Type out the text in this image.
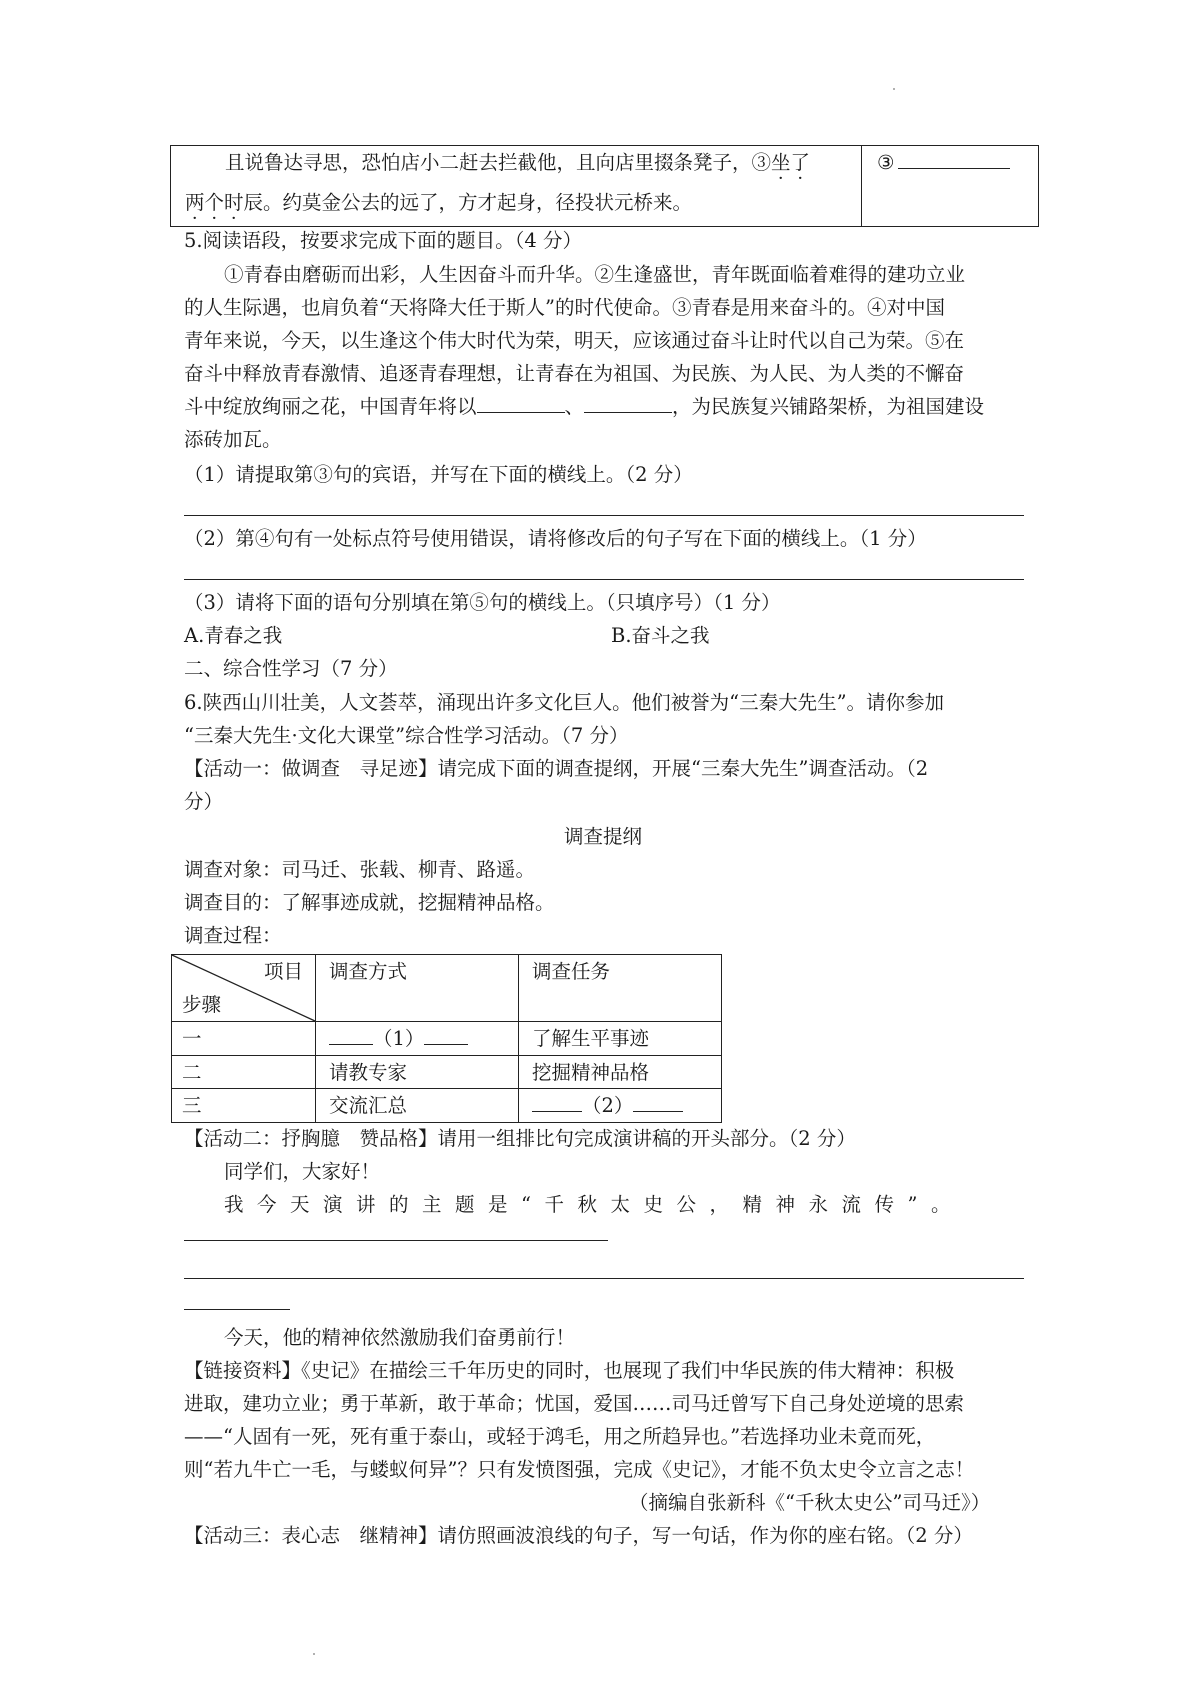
且说鲁达寻思，恐怕店小二赶去拦截他，且向店里掇条凳子，③坐了
两个时辰。约莫金公去的远了，方才起身，径投状元桥来。
③
5.阅读语段，按要求完成下面的题目。（4 分）
①青春由磨砺而出彩，人生因奋斗而升华。②生逢盛世，青年既面临着难得的建功立业
的人生际遇，也肩负着“天将降大任于斯人”的时代使命。③青春是用来奋斗的。④对中国
青年来说，今天，以生逢这个伟大时代为荣，明天，应该通过奋斗让时代以自己为荣。⑤在
奋斗中释放青春激情、追逐青春理想，让青春在为祖国、为民族、为人民、为人类的不懈奋
斗中绽放绚丽之花，中国青年将以	、	，为民族复兴铺路架桥，为祖国建设
添砖加瓦。
（1）请提取第③句的宾语，并写在下面的横线上。（2 分）
（2）第④句有一处标点符号使用错误，请将修改后的句子写在下面的横线上。（1 分）
（3）请将下面的语句分别填在第⑤句的横线上。（只填序号）（1 分）
A.青春之我	B.奋斗之我
二、综合性学习（7 分）
6.陕西山川壮美，人文荟萃，涌现出许多文化巨人。他们被誉为“三秦大先生”。请你参加
“三秦大先生·文化大课堂”综合性学习活动。（7 分）
【活动一：做调查　寻足迹】请完成下面的调查提纲，开展“三秦大先生”调查活动。（2
分）
调查提纲
调查对象：司马迁、张载、柳青、路遥。
调查目的：了解事迹成就，挖掘精神品格。
调查过程：
项目
步骤
调查方式	调查任务
一	（1）	了解生平事迹
二	请教专家	挖掘精神品格
三	交流汇总	（2）
【活动二：抒胸臆　赞品格】请用一组排比句完成演讲稿的开头部分。（2 分）
同学们，大家好！
我今天演讲的主题是“千秋太史公，精神永流传”。
今天，他的精神依然激励我们奋勇前行！
【链接资料】《史记》在描绘三千年历史的同时，也展现了我们中华民族的伟大精神：积极
进取，建功立业；勇于革新，敢于革命；忧国，爱国……司马迁曾写下自己身处逆境的思索
——“人固有一死，死有重于泰山，或轻于鸿毛，用之所趋异也。”若选择功业未竟而死，
则“若九牛亡一毛，与蝼蚁何异”？只有发愤图强，完成《史记》，才能不负太史令立言之志！
（摘编自张新科《“千秋太史公”司马迁》）
【活动三：表心志　继精神】请仿照画波浪线的句子，写一句话，作为你的座右铭。（2 分）
